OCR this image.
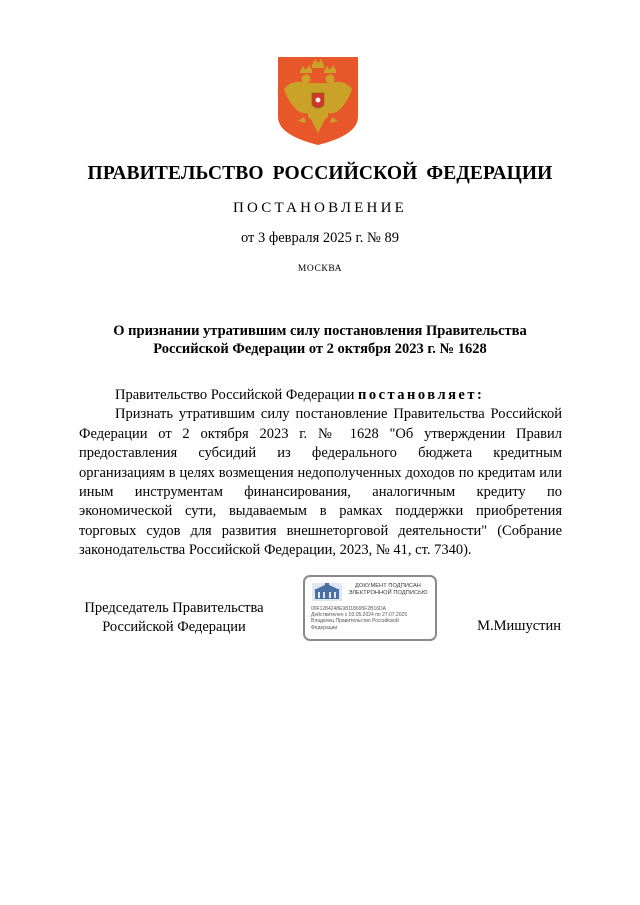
ПРАВИТЕЛЬСТВО РОССИЙСКОЙ ФЕДЕРАЦИИ
ПОСТАНОВЛЕНИЕ
от 3 февраля 2025 г. № 89
МОСКВА
О признании утратившим силу постановления Правительства
Российской Федерации от 2 октября 2023 г. № 1628

Правительство Российской Федерации постановляет:

Признать утратившим силу постановление Правительства Российской Федерации от 2 октября 2023 г. № 1628 "Об утверждении Правил предоставления субсидий из федерального бюджета кредитным организациям в целях возмещения недополученных доходов по кредитам или иным инструментам финансирования, аналогичным кредиту по экономической сути, выдаваемым в рамках поддержки приобретения торговых судов для развития внешнеторговой деятельности" (Собрание законодательства Российской Федерации, 2023, № 41, ст. 7340).

Председатель Правительства
Российской Федерации
ДОКУМЕНТ ПОДПИСАН
ЭЛЕКТРОННОЙ ПОДПИСЬЮ
00F1284248E98118695F2B16DA
Действителен с 03.05.2024 по 27.07.2025
Владелец Правительство Российской
Федерации	М.Мишустин
